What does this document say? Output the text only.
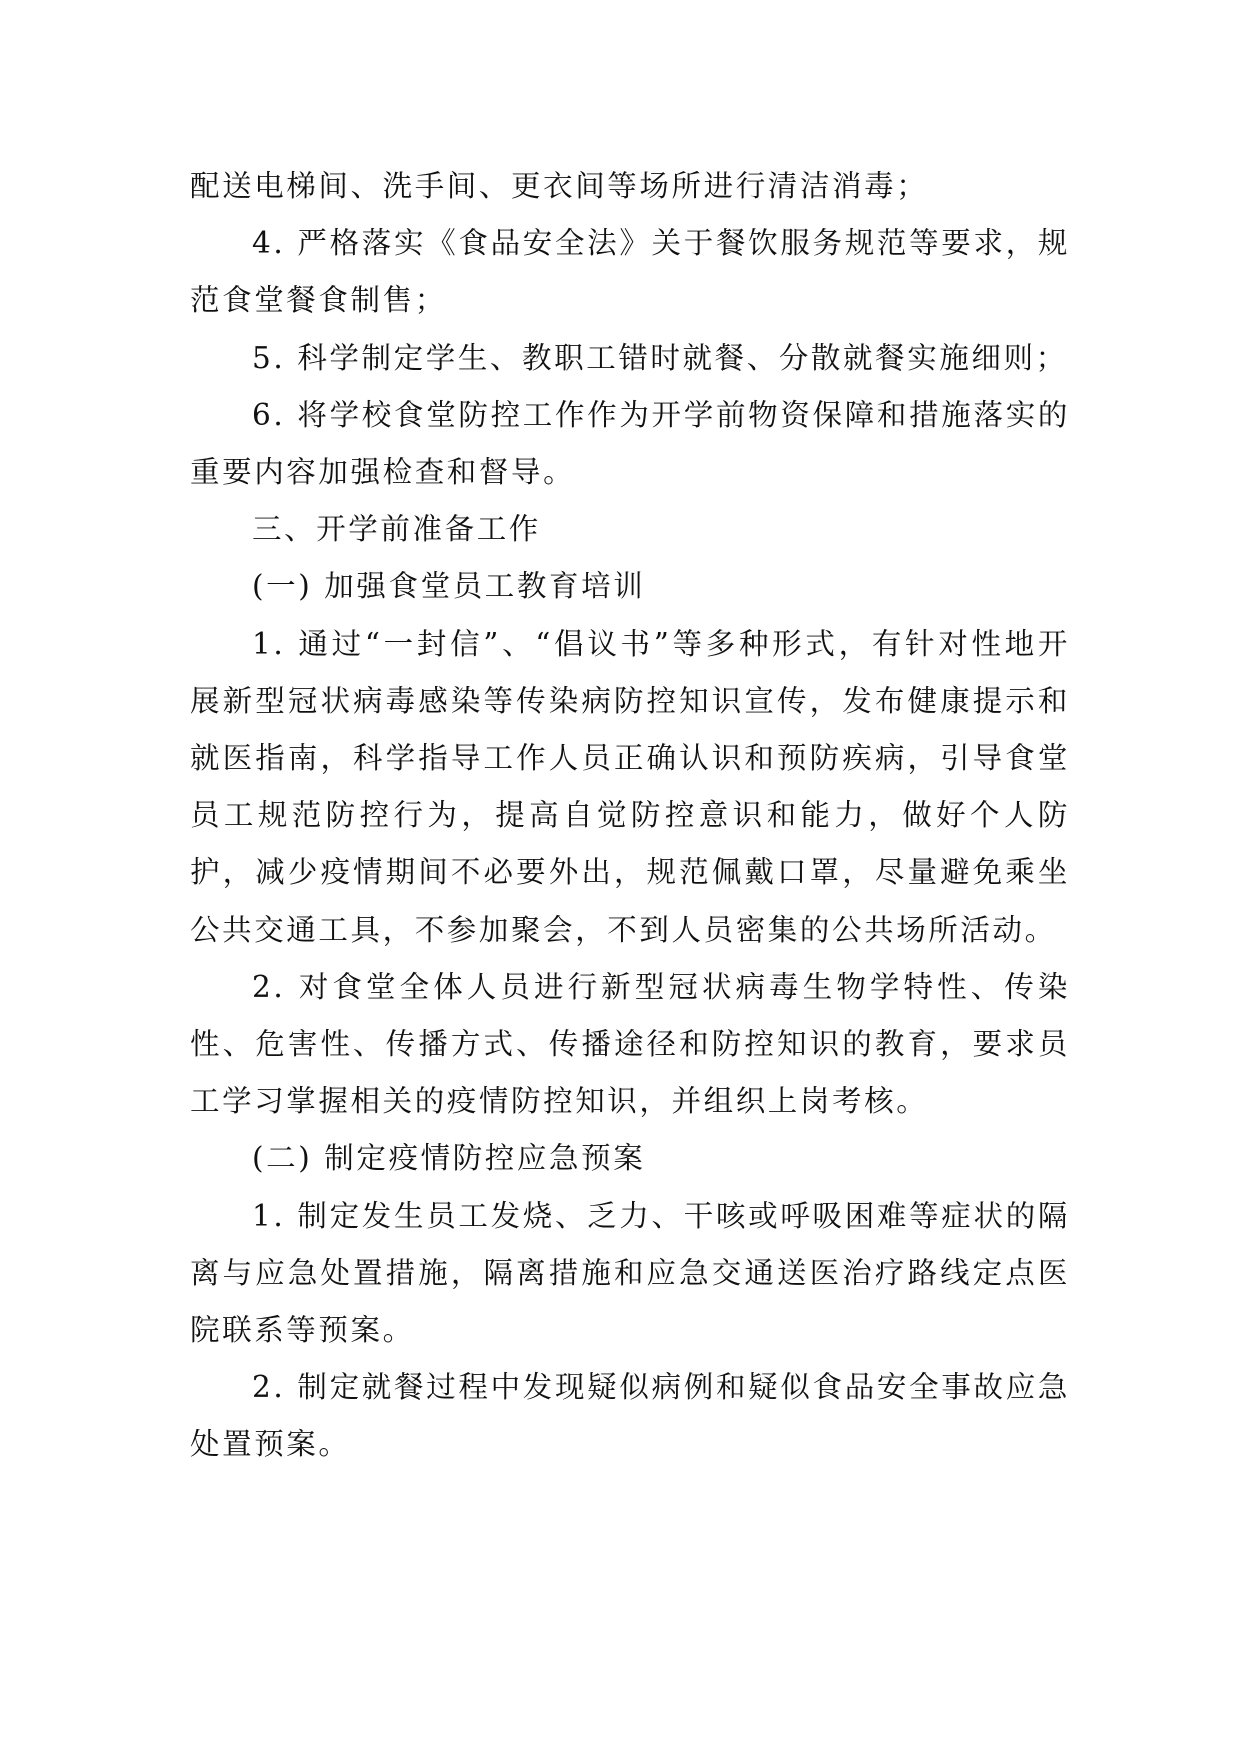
配送电梯间、洗手间、更衣间等场所进行清洁消毒；

4. 严格落实《食品安全法》关于餐饮服务规范等要求，规范食堂餐食制售；

5. 科学制定学生、教职工错时就餐、分散就餐实施细则；

6. 将学校食堂防控工作作为开学前物资保障和措施落实的重要内容加强检查和督导。

三、开学前准备工作

(一) 加强食堂员工教育培训

1. 通过“一封信”、“倡议书”等多种形式，有针对性地开展新型冠状病毒感染等传染病防控知识宣传，发布健康提示和就医指南，科学指导工作人员正确认识和预防疾病，引导食堂员工规范防控行为，提高自觉防控意识和能力，做好个人防护，减少疫情期间不必要外出，规范佩戴口罩，尽量避免乘坐公共交通工具，不参加聚会，不到人员密集的公共场所活动。

2. 对食堂全体人员进行新型冠状病毒生物学特性、传染性、危害性、传播方式、传播途径和防控知识的教育，要求员工学习掌握相关的疫情防控知识，并组织上岗考核。

(二) 制定疫情防控应急预案

1. 制定发生员工发烧、乏力、干咳或呼吸困难等症状的隔离与应急处置措施，隔离措施和应急交通送医治疗路线定点医院联系等预案。

2. 制定就餐过程中发现疑似病例和疑似食品安全事故应急处置预案。
